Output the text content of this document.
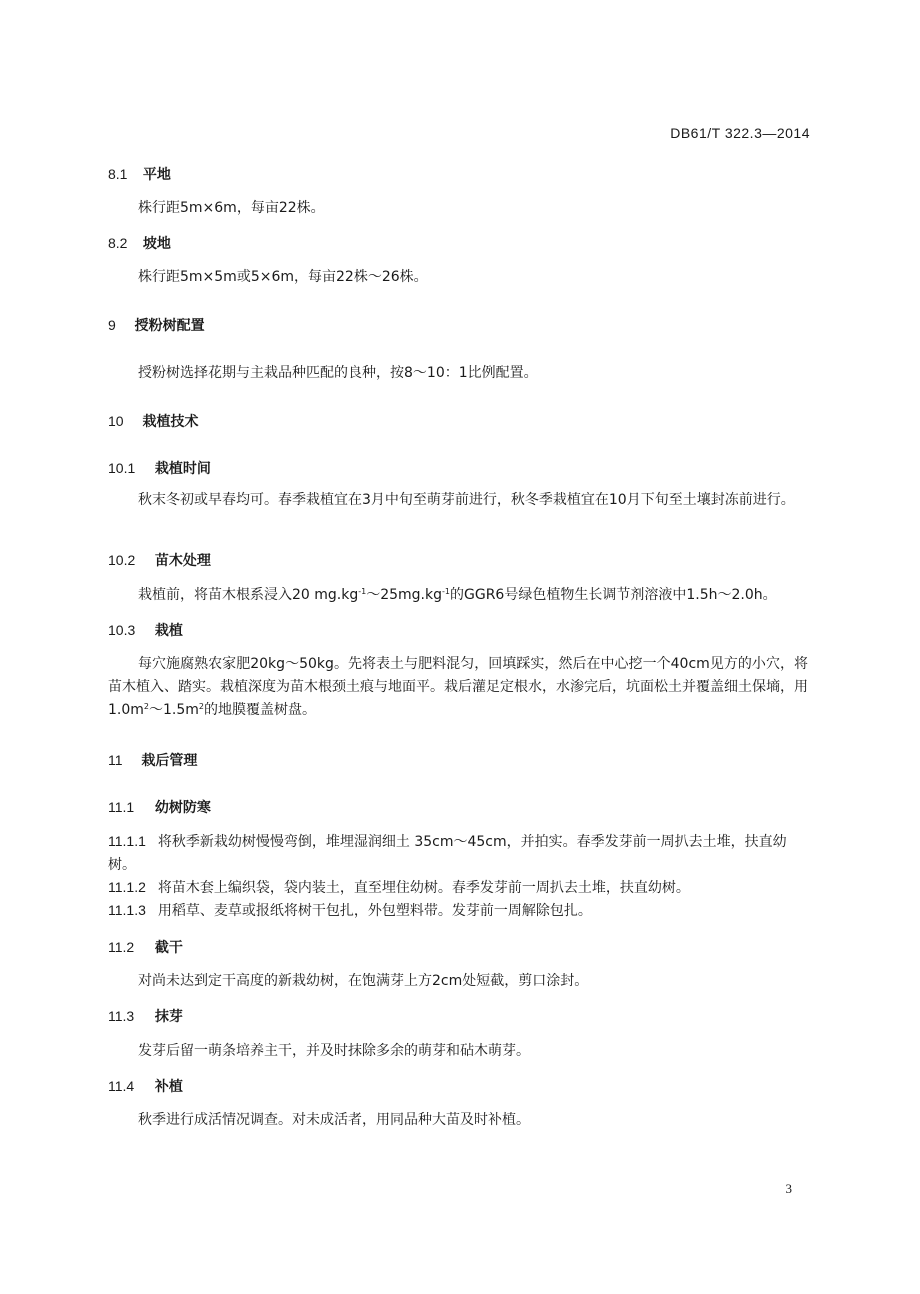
DB61/T 322.3—2014
8.1 平地
株行距5m×6m，每亩22株。
8.2 坡地
株行距5m×5m或5×6m，每亩22株～26株。
9 授粉树配置
授粉树选择花期与主栽品种匹配的良种，按8～10：1比例配置。
10 栽植技术
10.1 栽植时间
秋末冬初或早春均可。春季栽植宜在3月中旬至萌芽前进行，秋冬季栽植宜在10月下旬至土壤封冻前进行。
10.2 苗木处理
栽植前，将苗木根系浸入20 $mg.kg^{-1}\sim 25mg.kg^{-1}$的GGR6号绿色植物生长调节剂溶液中1.5h～2.0h。
10.3 栽植
每穴施腐熟农家肥20kg～50kg。先将表土与肥料混匀，回填踩实，然后在中心挖一个40cm见方的小穴，将苗木植入、踏实。栽植深度为苗木根颈土痕与地面平。栽后灌足定根水，水渗完后，坑面松土并覆盖细土保墒，用$1.0m^2\sim 1.5m^2$的地膜覆盖树盘。
11 栽后管理
11.1 幼树防寒
11.1.1 将秋季新栽幼树慢慢弯倒，堆埋湿润细土 35cm～45cm，并拍实。春季发芽前一周扒去土堆，扶直幼树。
11.1.2 将苗木套上编织袋，袋内装土，直至埋住幼树。春季发芽前一周扒去土堆，扶直幼树。
11.1.3 用稻草、麦草或报纸将树干包扎，外包塑料带。发芽前一周解除包扎。
11.2 截干
对尚未达到定干高度的新栽幼树，在饱满芽上方2cm处短截，剪口涂封。
11.3 抹芽
发芽后留一萌条培养主干，并及时抹除多余的萌芽和砧木萌芽。
11.4 补植
秋季进行成活情况调查。对未成活者，用同品种大苗及时补植。
3
